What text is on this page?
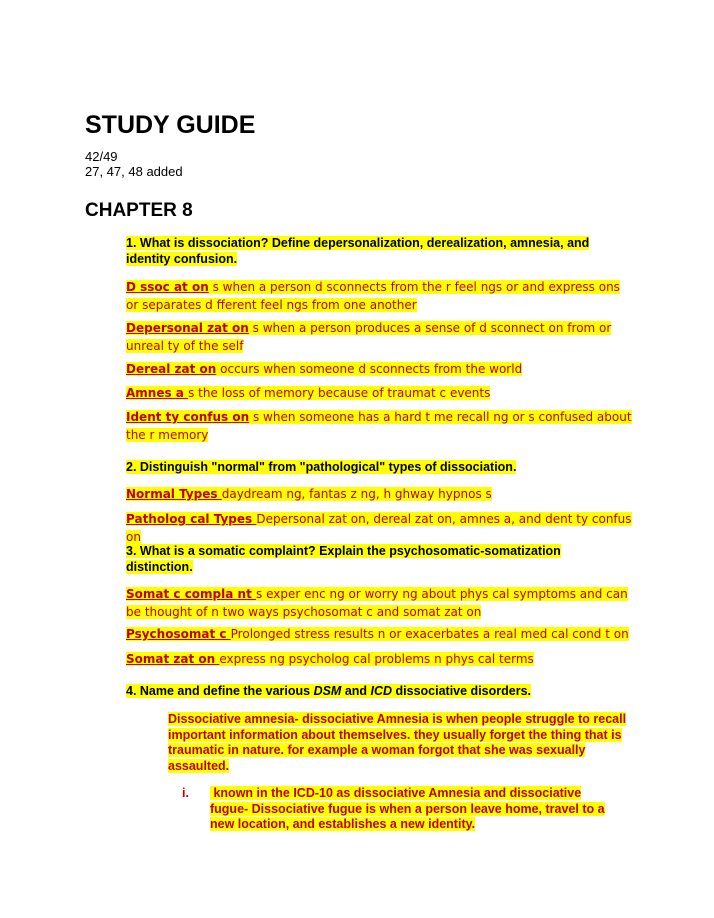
STUDY GUIDE
42/49
27, 47, 48 added
CHAPTER 8
1. What is dissociation? Define depersonalization, derealization, amnesia, and identity confusion.
D ssoc at on s when a person d sconnects from the r feel ngs or and express ons or separates d fferent feel ngs from one another
Depersonal zat on s when a person produces a sense of d sconnect on from or unreal ty of the self
Dereal zat on occurs when someone d sconnects from the world
Amnes a s the loss of memory because of traumat c events
Ident ty confus on s when someone has a hard t me recall ng or s confused about the r memory
2. Distinguish "normal" from "pathological" types of dissociation.
Normal Types daydream ng, fantas z ng, h ghway hypnos s
Patholog cal Types Depersonal zat on, dereal zat on, amnes a, and dent ty confus on
3. What is a somatic complaint? Explain the psychosomatic-somatization distinction.
Somat c compla nt s exper enc ng or worry ng about phys cal symptoms and can be thought of n two ways psychosomat c and somat zat on
Psychosomat c Prolonged stress results n or exacerbates a real med cal cond t on
Somat zat on express ng psycholog cal problems n phys cal terms
4. Name and define the various DSM and ICD dissociative disorders.
Dissociative amnesia- dissociative Amnesia is when people struggle to recall important information about themselves. they usually forget the thing that is traumatic in nature. for example a woman forgot that she was sexually assaulted.
i. known in the ICD-10 as dissociative Amnesia and dissociative
fugue- Dissociative fugue is when a person leave home, travel to a new location, and establishes a new identity.
